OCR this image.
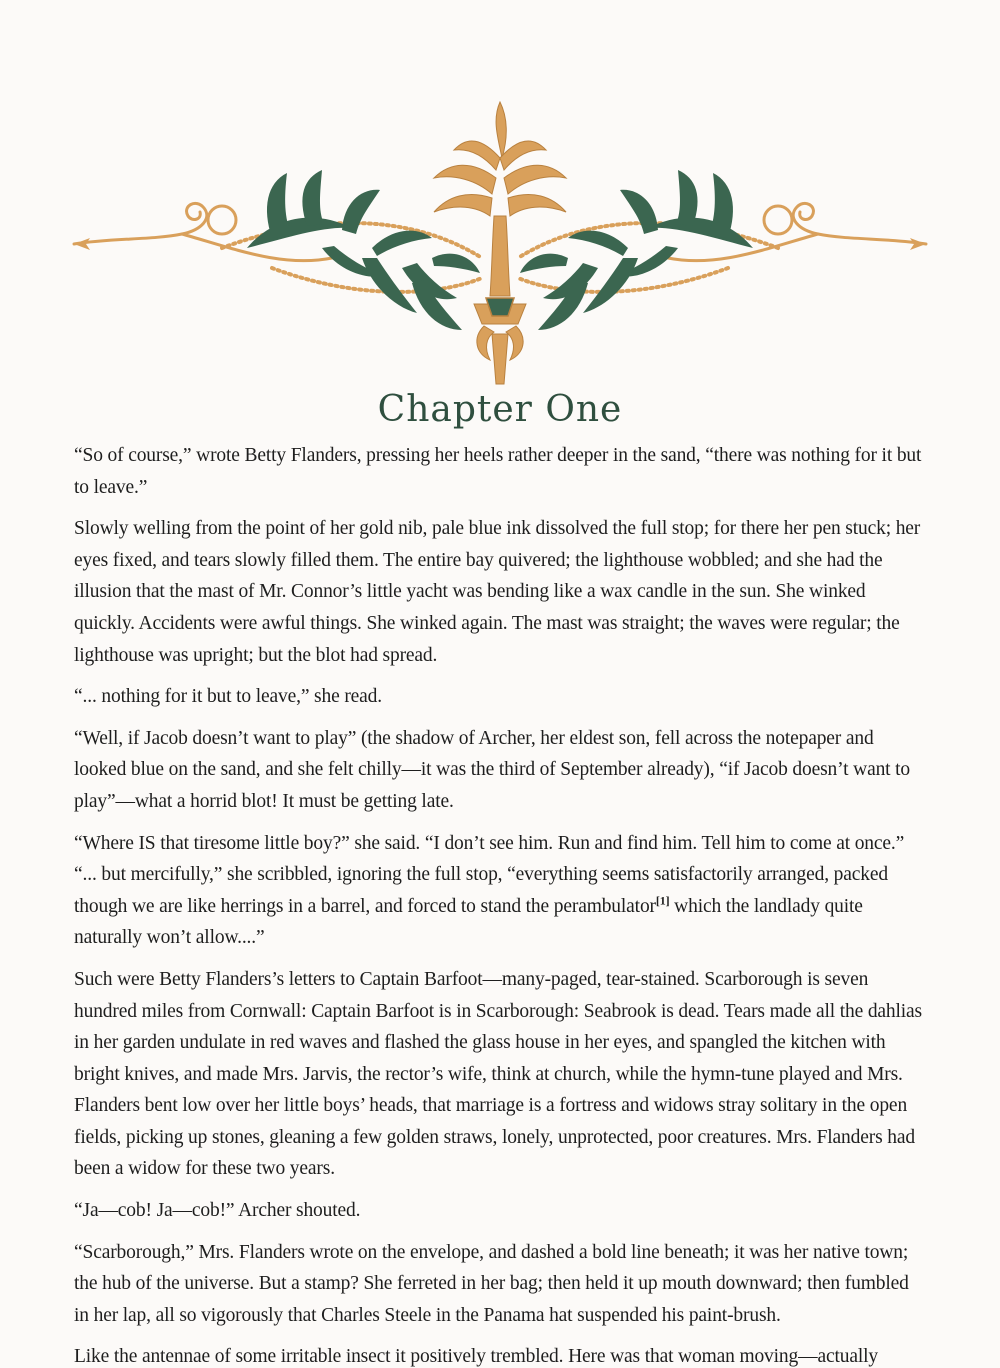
Chapter One

“So of course,” wrote Betty Flanders, pressing her heels rather deeper in the sand, “there was nothing for it but to leave.”

Slowly welling from the point of her gold nib, pale blue ink dissolved the full stop; for there her pen stuck; her eyes fixed, and tears slowly filled them. The entire bay quivered; the lighthouse wobbled; and she had the illusion that the mast of Mr. Connor’s little yacht was bending like a wax candle in the sun. She winked quickly. Accidents were awful things. She winked again. The mast was straight; the waves were regular; the lighthouse was upright; but the blot had spread.

“... nothing for it but to leave,” she read.

“Well, if Jacob doesn’t want to play” (the shadow of Archer, her eldest son, fell across the notepaper and looked blue on the sand, and she felt chilly—it was the third of September already), “if Jacob doesn’t want to play”—what a horrid blot! It must be getting late.

“Where IS that tiresome little boy?” she said. “I don’t see him. Run and find him. Tell him to come at once.”

“... but mercifully,” she scribbled, ignoring the full stop, “everything seems satisfactorily arranged, packed though we are like herrings in a barrel, and forced to stand the perambulator[1] which the landlady quite naturally won’t allow....”

Such were Betty Flanders’s letters to Captain Barfoot—many-paged, tear-stained. Scarborough is seven hundred miles from Cornwall: Captain Barfoot is in Scarborough: Seabrook is dead. Tears made all the dahlias in her garden undulate in red waves and flashed the glass house in her eyes, and spangled the kitchen with bright knives, and made Mrs. Jarvis, the rector’s wife, think at church, while the hymn-tune played and Mrs. Flanders bent low over her little boys’ heads, that marriage is a fortress and widows stray solitary in the open fields, picking up stones, gleaning a few golden straws, lonely, unprotected, poor creatures. Mrs. Flanders had been a widow for these two years.

“Ja—cob! Ja—cob!” Archer shouted.

“Scarborough,” Mrs. Flanders wrote on the envelope, and dashed a bold line beneath; it was her native town; the hub of the universe. But a stamp? She ferreted in her bag; then held it up mouth downward; then fumbled in her lap, all so vigorously that Charles Steele in the Panama hat suspended his paint-brush.

Like the antennae of some irritable insect it positively trembled. Here was that woman moving—actually
